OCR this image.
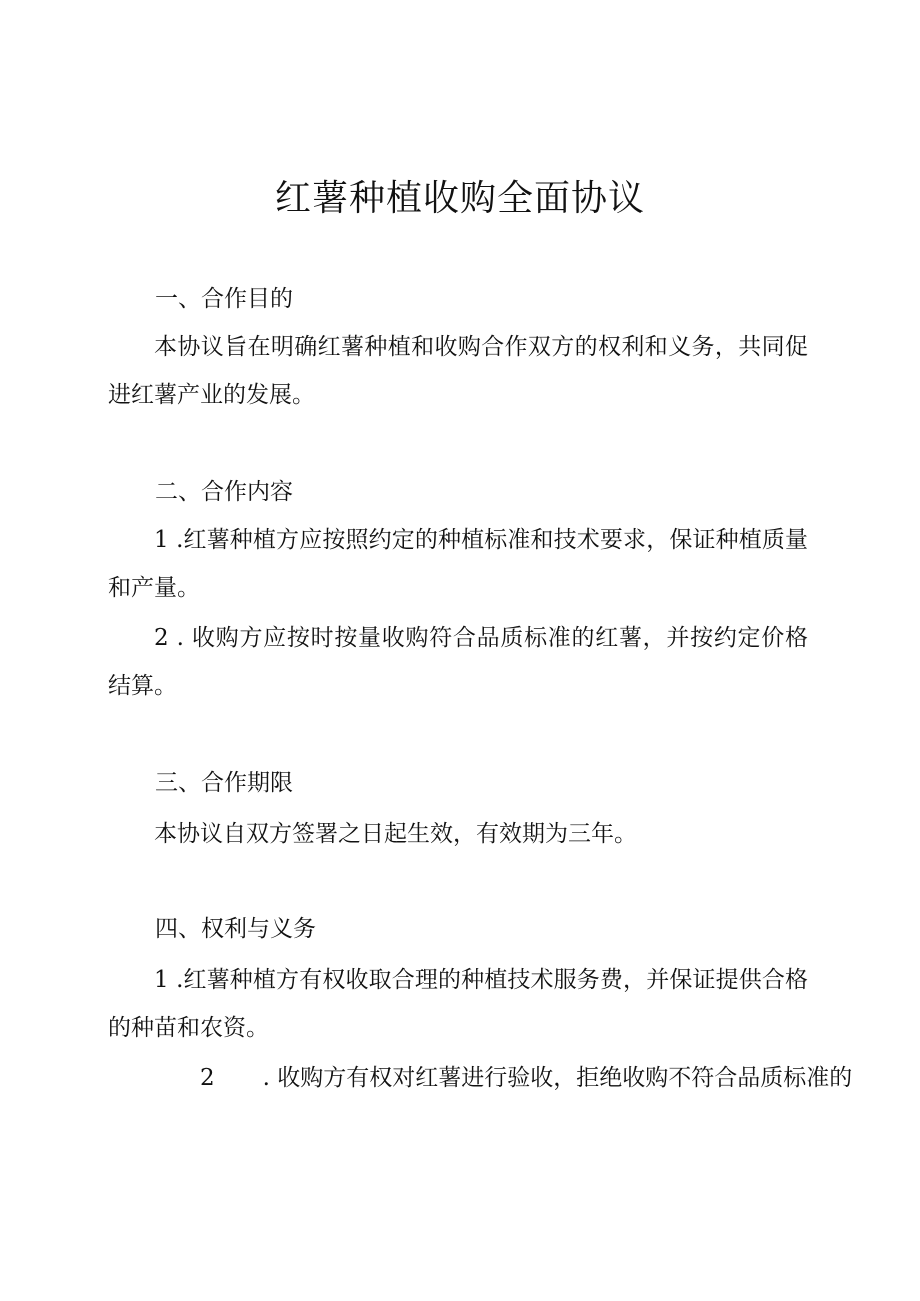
红薯种植收购全面协议
一、合作目的
本协议旨在明确红薯种植和收购合作双方的权利和义务，共同促进红薯产业的发展。
二、合作内容
1 .红薯种植方应按照约定的种植标准和技术要求，保证种植质量和产量。
2 . 收购方应按时按量收购符合品质标准的红薯，并按约定价格结算。
三、合作期限
本协议自双方签署之日起生效，有效期为三年。
四、权利与义务
1 .红薯种植方有权收取合理的种植技术服务费，并保证提供合格的种苗和农资。
2 . 收购方有权对红薯进行验收，拒绝收购不符合品质标准的
